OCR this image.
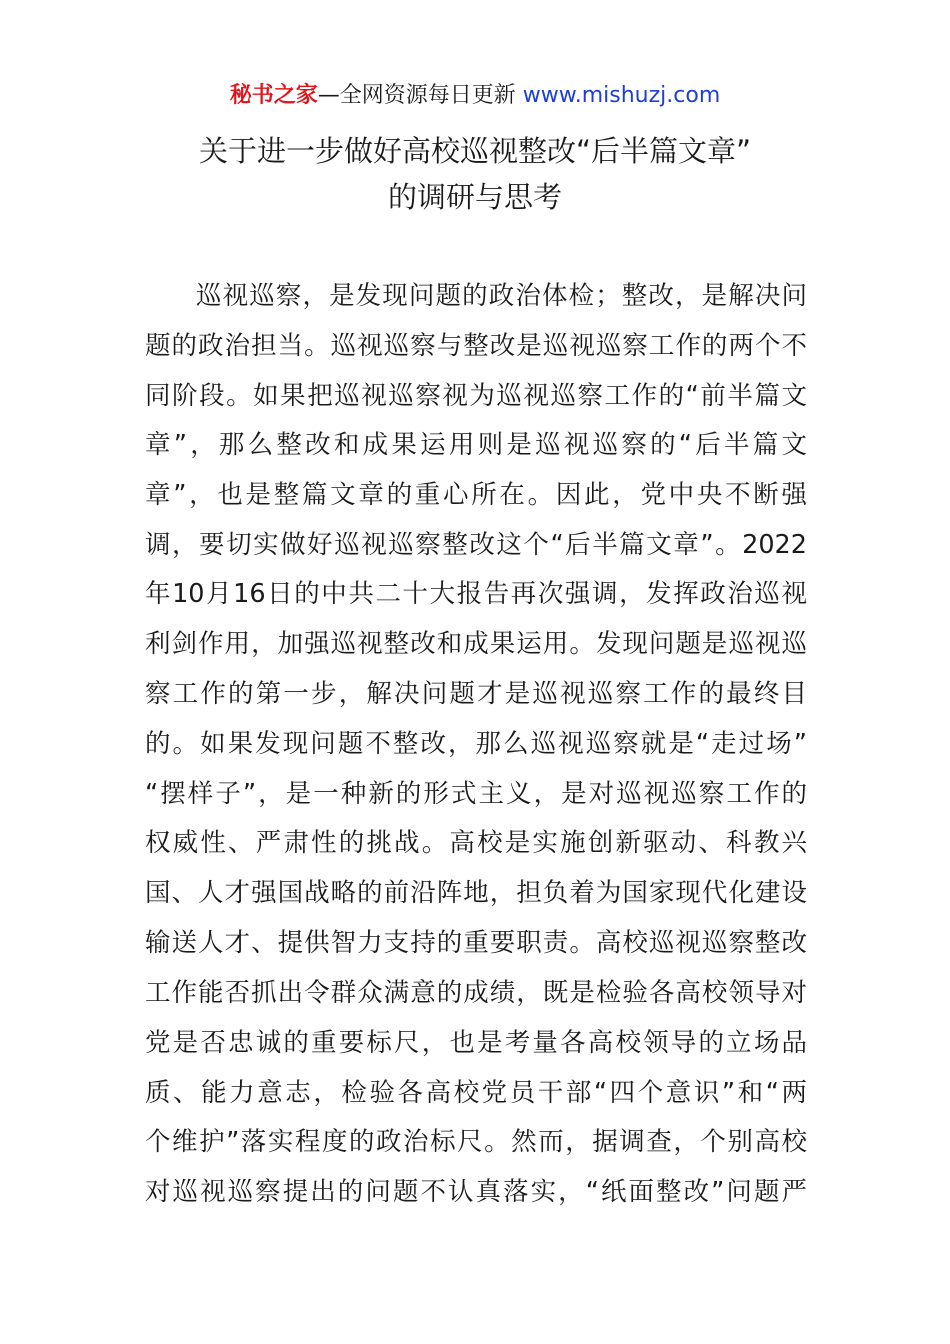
秘书之家—全网资源每日更新 www.mishuzj.com
关于进一步做好高校巡视整改“后半篇文章”
的调研与思考
巡视巡察，是发现问题的政治体检；整改，是解决问
题的政治担当。巡视巡察与整改是巡视巡察工作的两个不
同阶段。如果把巡视巡察视为巡视巡察工作的“前半篇文
章”，那么整改和成果运用则是巡视巡察的“后半篇文
章”，也是整篇文章的重心所在。因此，党中央不断强
调，要切实做好巡视巡察整改这个“后半篇文章”。2022
年10月16日的中共二十大报告再次强调，发挥政治巡视
利剑作用，加强巡视整改和成果运用。发现问题是巡视巡
察工作的第一步，解决问题才是巡视巡察工作的最终目
的。如果发现问题不整改，那么巡视巡察就是“走过场”
“摆样子”，是一种新的形式主义，是对巡视巡察工作的
权威性、严肃性的挑战。高校是实施创新驱动、科教兴
国、人才强国战略的前沿阵地，担负着为国家现代化建设
输送人才、提供智力支持的重要职责。高校巡视巡察整改
工作能否抓出令群众满意的成绩，既是检验各高校领导对
党是否忠诚的重要标尺，也是考量各高校领导的立场品
质、能力意志，检验各高校党员干部“四个意识”和“两
个维护”落实程度的政治标尺。然而，据调查，个别高校
对巡视巡察提出的问题不认真落实，“纸面整改”问题严
